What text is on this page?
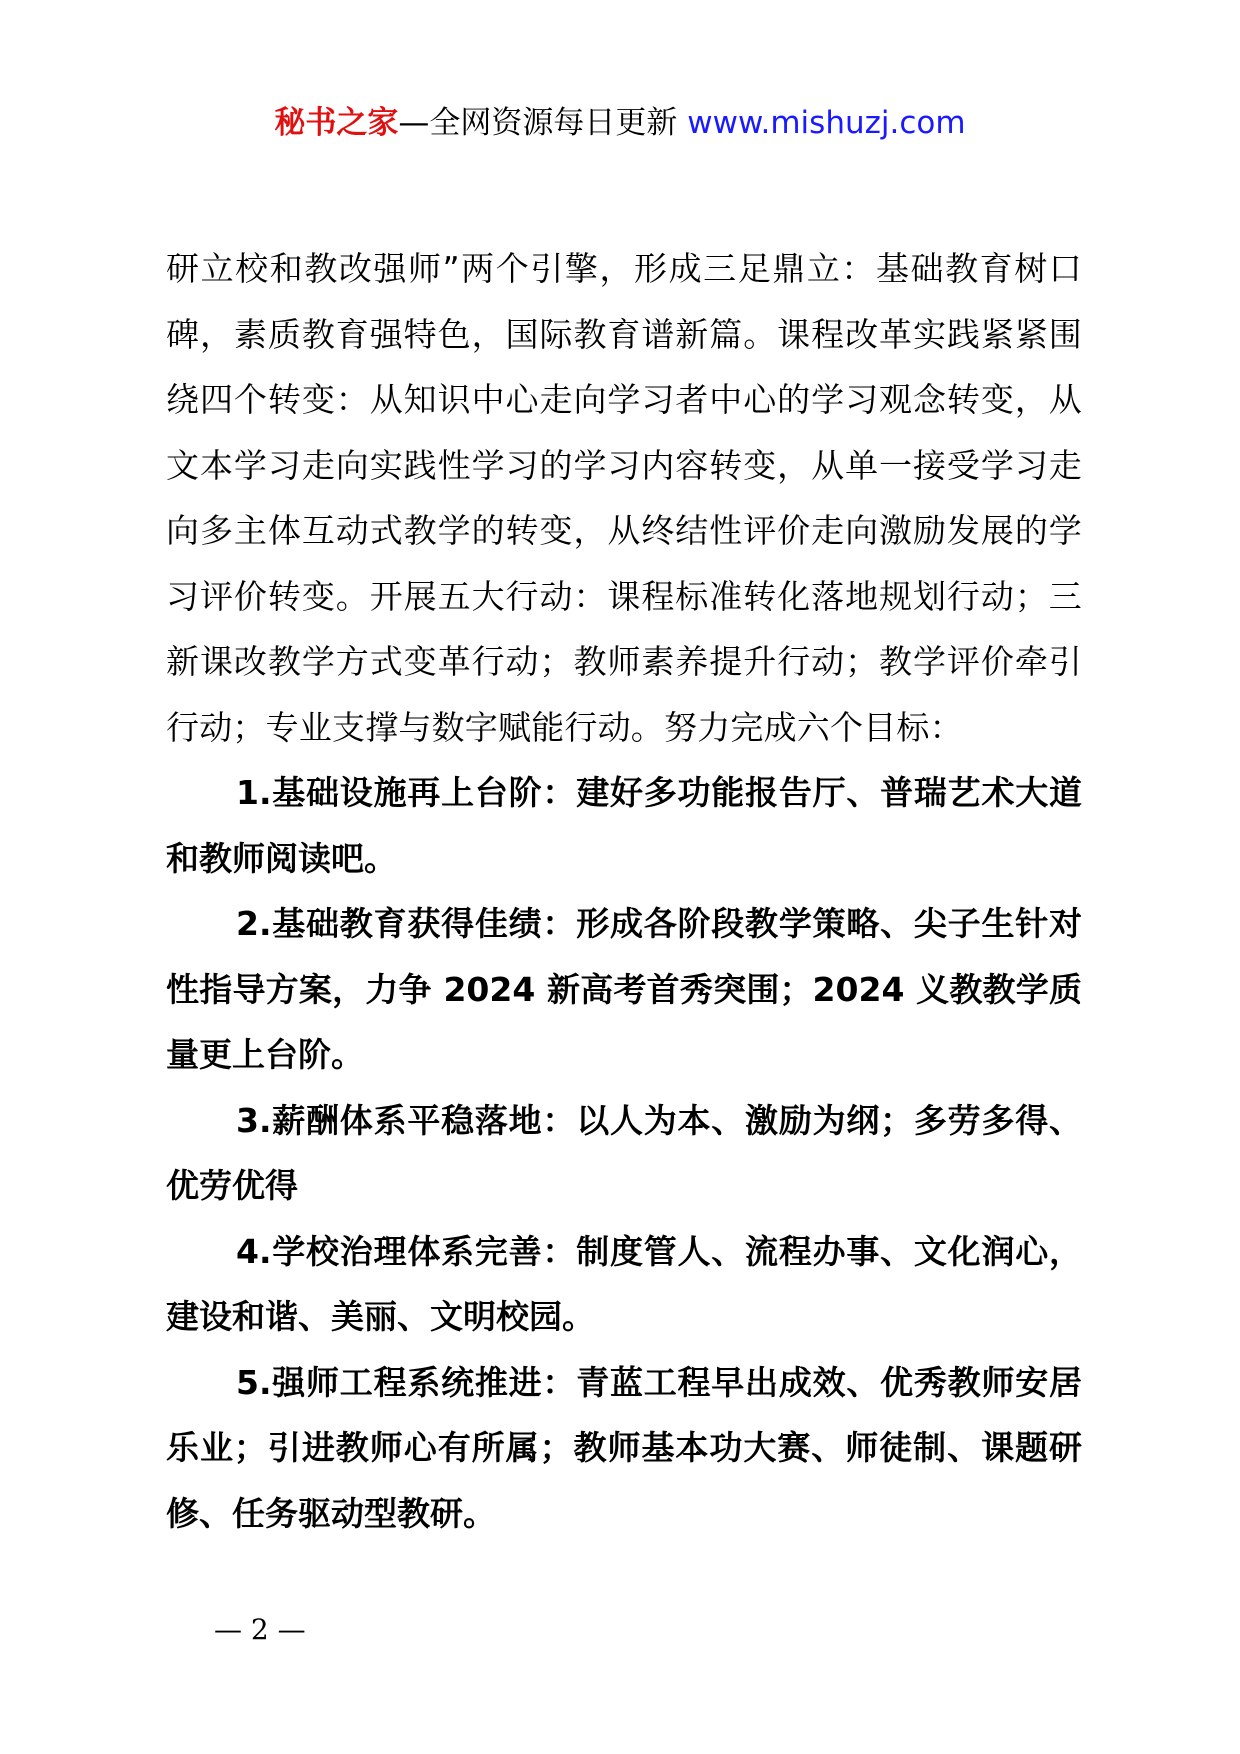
秘书之家—全网资源每日更新 www.mishuzj.com

研立校和教改强师”两个引擎，形成三足鼎立：基础教育树口碑，素质教育强特色，国际教育谱新篇。课程改革实践紧紧围绕四个转变：从知识中心走向学习者中心的学习观念转变，从文本学习走向实践性学习的学习内容转变，从单一接受学习走向多主体互动式教学的转变，从终结性评价走向激励发展的学习评价转变。开展五大行动：课程标准转化落地规划行动；三新课改教学方式变革行动；教师素养提升行动；教学评价牵引行动；专业支撑与数字赋能行动。努力完成六个目标：

1.基础设施再上台阶：建好多功能报告厅、普瑞艺术大道和教师阅读吧。

2.基础教育获得佳绩：形成各阶段教学策略、尖子生针对性指导方案，力争 2024 新高考首秀突围；2024 义教教学质量更上台阶。

3.薪酬体系平稳落地：以人为本、激励为纲；多劳多得、优劳优得

4.学校治理体系完善：制度管人、流程办事、文化润心，建设和谐、美丽、文明校园。

5.强师工程系统推进：青蓝工程早出成效、优秀教师安居乐业；引进教师心有所属；教师基本功大赛、师徒制、课题研修、任务驱动型教研。

— 2 —
